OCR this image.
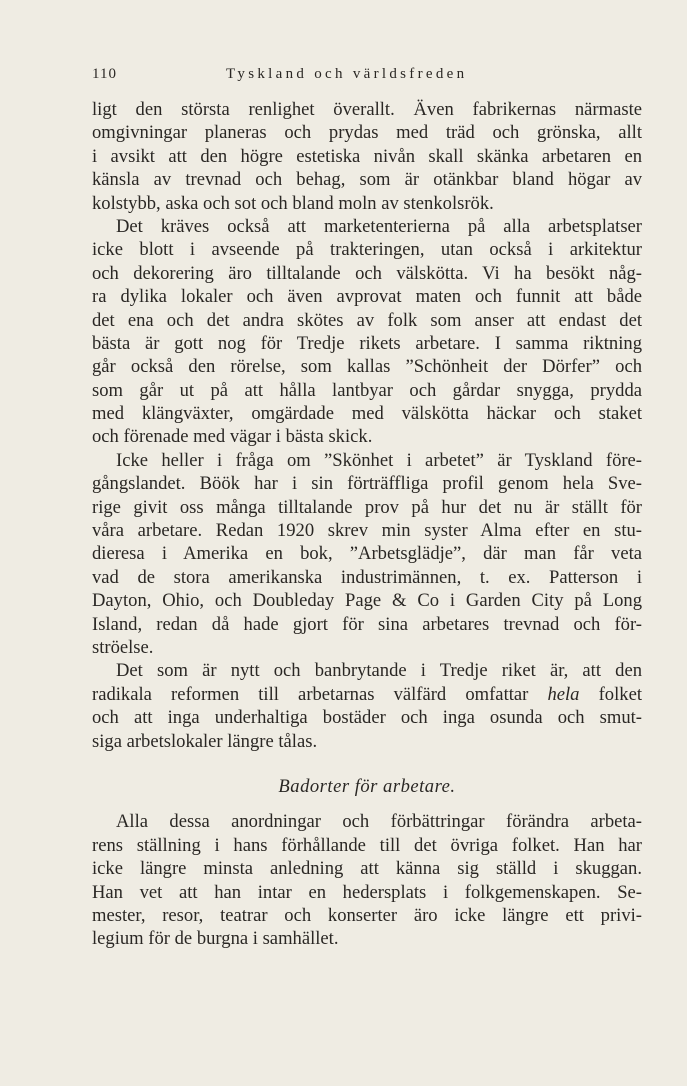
110	Tyskland och världsfreden
ligt den största renlighet överallt. Även fabrikernas närmaste
omgivningar planeras och prydas med träd och grönska, allt
i avsikt att den högre estetiska nivån skall skänka arbetaren en
känsla av trevnad och behag, som är otänkbar bland högar av
kolstybb, aska och sot och bland moln av stenkolsrök.
Det kräves också att marketenterierna på alla arbetsplatser
icke blott i avseende på trakteringen, utan också i arkitektur
och dekorering äro tilltalande och välskötta. Vi ha besökt någ-
ra dylika lokaler och även avprovat maten och funnit att både
det ena och det andra skötes av folk som anser att endast det
bästa är gott nog för Tredje rikets arbetare. I samma riktning
går också den rörelse, som kallas ”Schönheit der Dörfer” och
som går ut på att hålla lantbyar och gårdar snygga, prydda
med klängväxter, omgärdade med välskötta häckar och staket
och förenade med vägar i bästa skick.
Icke heller i fråga om ”Skönhet i arbetet” är Tyskland före-
gångslandet. Böök har i sin förträffliga profil genom hela Sve-
rige givit oss många tilltalande prov på hur det nu är ställt för
våra arbetare. Redan 1920 skrev min syster Alma efter en stu-
dieresa i Amerika en bok, ”Arbetsglädje”, där man får veta
vad de stora amerikanska industrimännen, t. ex. Patterson i
Dayton, Ohio, och Doubleday Page & Co i Garden City på Long
Island, redan då hade gjort för sina arbetares trevnad och för-
ströelse.
Det som är nytt och banbrytande i Tredje riket är, att den
radikala reformen till arbetarnas välfärd omfattar hela folket
och att inga underhaltiga bostäder och inga osunda och smut-
siga arbetslokaler längre tålas.
Badorter för arbetare.
Alla dessa anordningar och förbättringar förändra arbeta-
rens ställning i hans förhållande till det övriga folket. Han har
icke längre minsta anledning att känna sig ställd i skuggan.
Han vet att han intar en hedersplats i folkgemenskapen. Se-
mester, resor, teatrar och konserter äro icke längre ett privi-
legium för de burgna i samhället.
